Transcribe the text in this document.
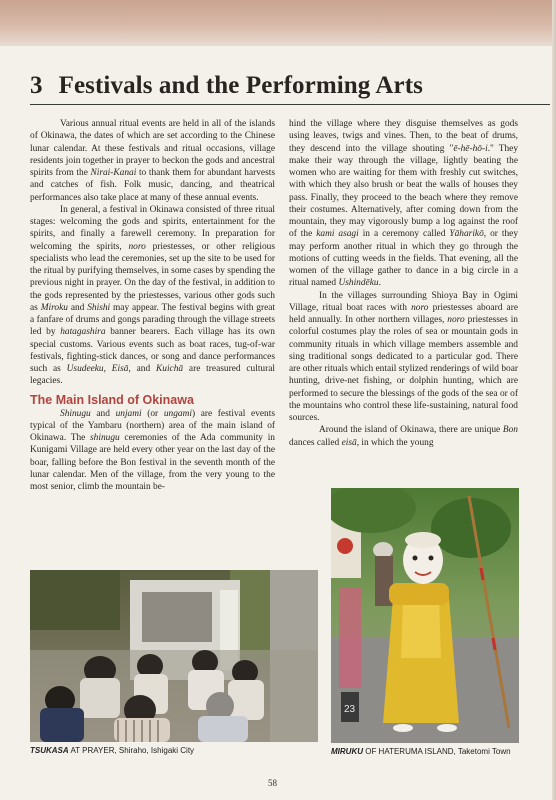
3 Festivals and the Performing Arts

Various annual ritual events are held in all of the islands of Okinawa, the dates of which are set according to the Chinese lunar calendar. At these festivals and ritual occasions, village residents join together in prayer to beckon the gods and ancestral spirits from the Nirai-Kanai to thank them for abundant harvests and catches of fish. Folk music, dancing, and theatrical performances also take place at many of these annual events.

In general, a festival in Okinawa consisted of three ritual stages: welcoming the gods and spirits, entertainment for the spirits, and finally a farewell ceremony. In preparation for welcoming the spirits, noro priestesses, or other religious specialists who lead the ceremonies, set up the site to be used for the ritual by purifying themselves, in some cases by spending the previous night in prayer. On the day of the festival, in addition to the gods represented by the priestesses, various other gods such as Miroku and Shishi may appear. The festival begins with great a fanfare of drums and gongs parading through the village streets led by hatagashira banner bearers. Each village has its own special customs. Various events such as boat races, tug-of-war festivals, fighting-stick dances, or song and dance performances such as Usudeeku, Eisā, and Kuichā are treasured cultural legacies.

The Main Island of Okinawa

Shinugu and unjami (or ungami) are festival events typical of the Yambaru (northern) area of the main island of Okinawa. The shinugu ceremonies of the Ada community in Kunigami Village are held every other year on the last day of the boar, falling before the Bon festival in the seventh month of the lunar calendar. Men of the village, from the very young to the most senior, climb the mountain be-

hind the village where they disguise themselves as gods using leaves, twigs and vines. Then, to the beat of drums, they descend into the village shouting "ē-hē-hō-i." They make their way through the village, lightly beating the women who are waiting for them with freshly cut switches, with which they also brush or beat the walls of houses they pass. Finally, they proceed to the beach where they remove their costumes. Alternatively, after coming down from the mountain, they may vigorously bump a log against the roof of the kami asagi in a ceremony called Yāharikō, or they may perform another ritual in which they go through the motions of cutting weeds in the fields. That evening, all the women of the village gather to dance in a big circle in a ritual named Ushindēku.

In the villages surrounding Shioya Bay in Ogimi Village, ritual boat races with noro priestesses aboard are held annually. In other northern villages, noro priestesses in colorful costumes play the roles of sea or mountain gods in community rituals in which village members assemble and sing traditional songs dedicated to a particular god. There are other rituals which entail stylized renderings of wild boar hunting, drive-net fishing, or dolphin hunting, which are performed to secure the blessings of the gods of the sea or of the mountains who control these life-sustaining, natural food sources.

Around the island of Okinawa, there are unique Bon dances called eisā, in which the young

TSUKASA AT PRAYER, Shiraho, Ishigaki City
23
MIRUKU OF HATERUMA ISLAND, Taketomi Town
58
